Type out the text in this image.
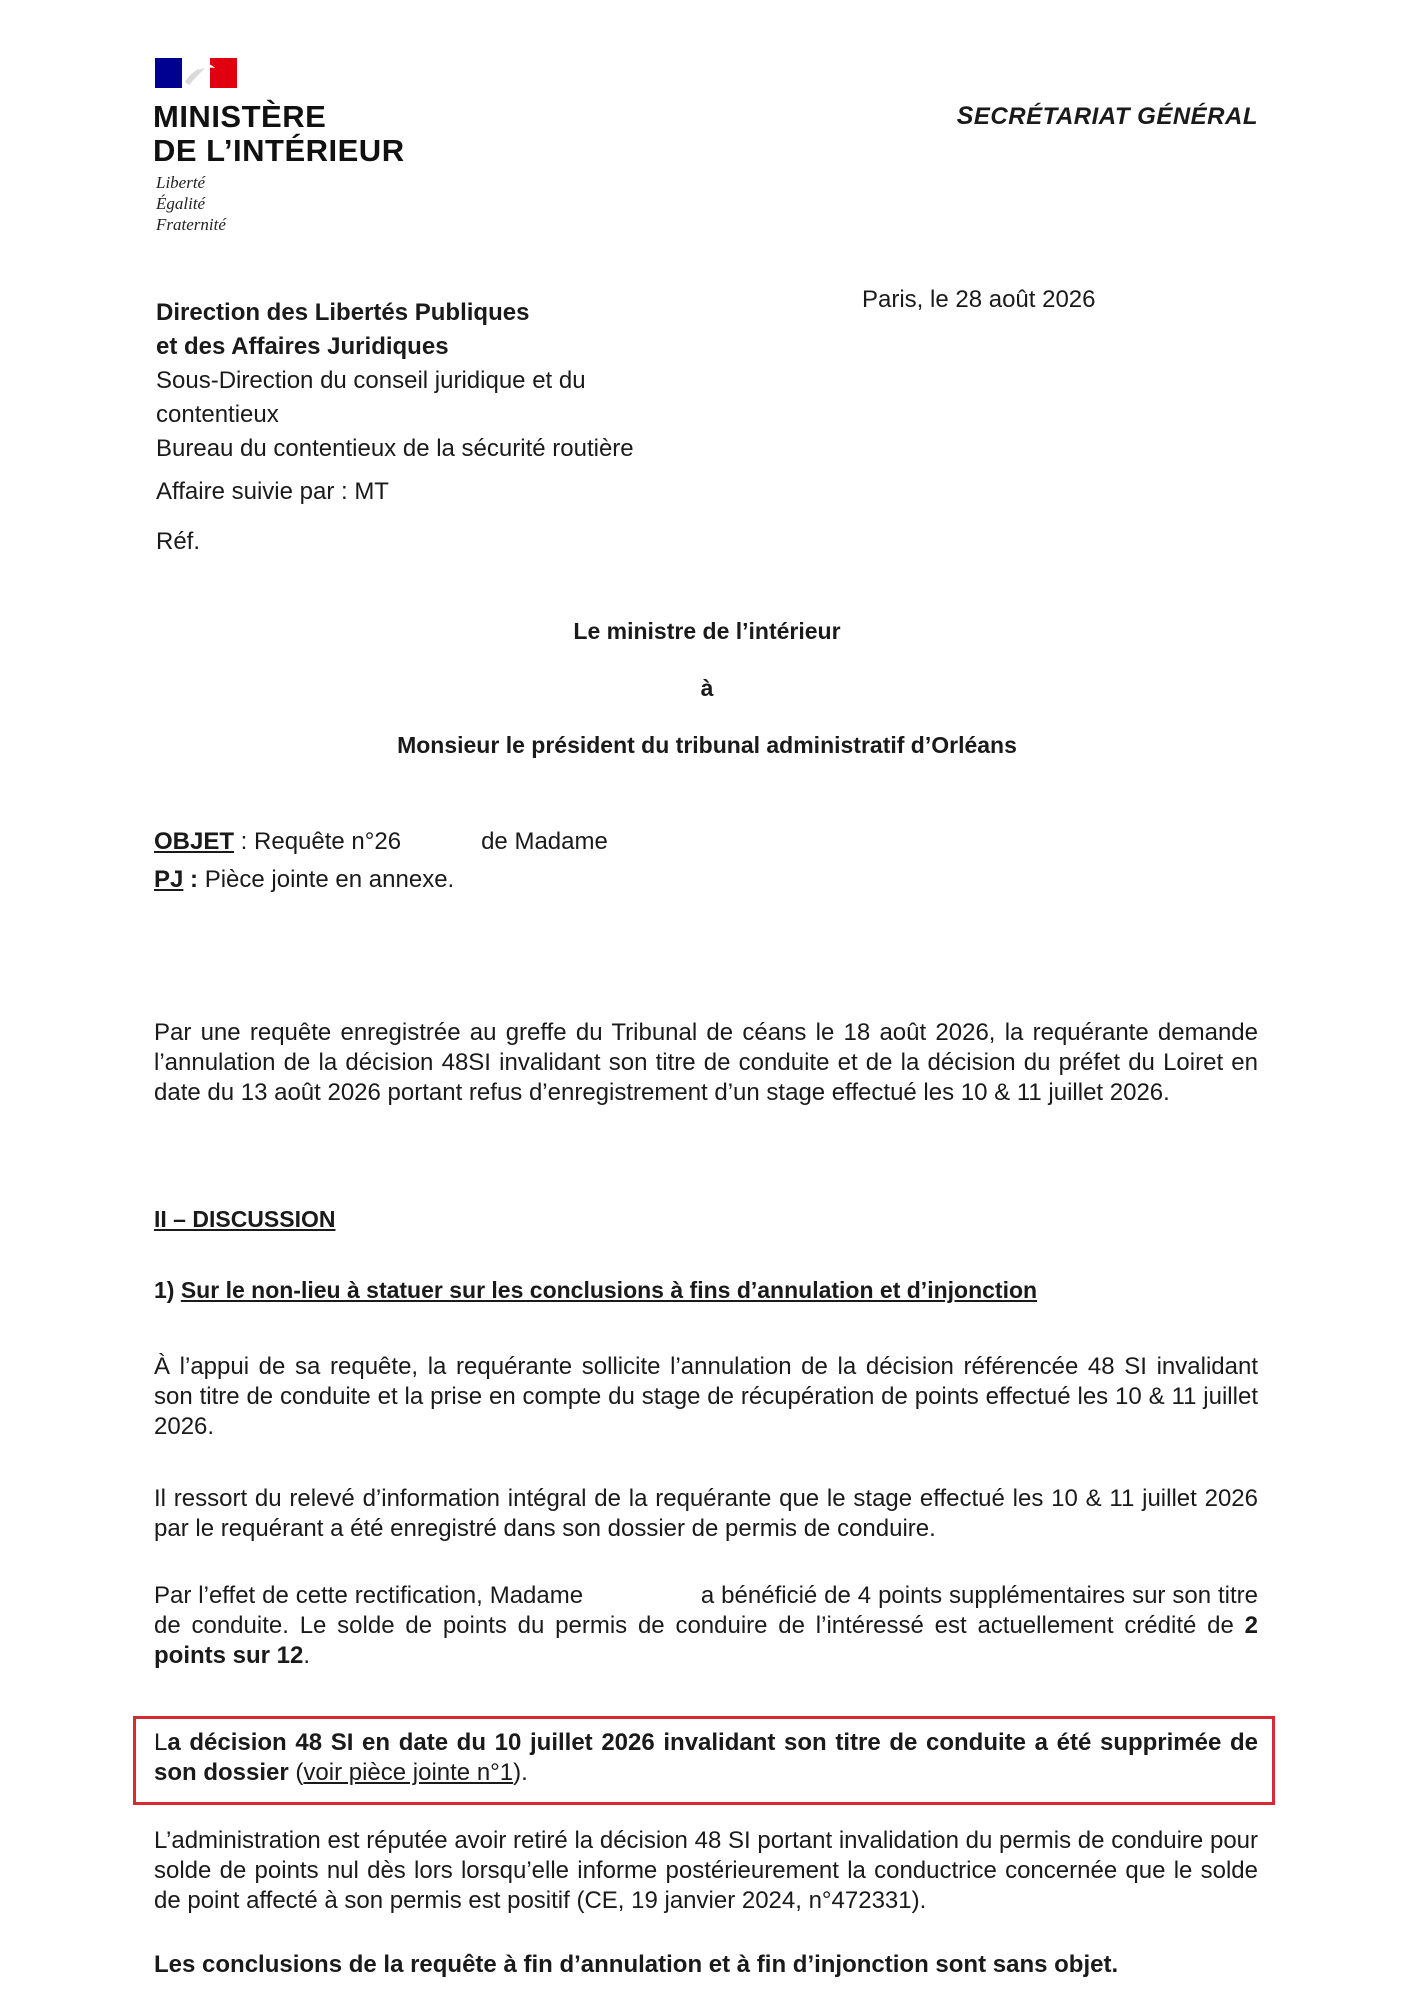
MINISTÈRE
DE L’INTÉRIEUR
Liberté
Égalité
Fraternité
SECRÉTARIAT GÉNÉRAL
Paris, le 28 août 2026
Direction des Libertés Publiques
et des Affaires Juridiques
Sous-Direction du conseil juridique et du
contentieux
Bureau du contentieux de la sécurité routière
Affaire suivie par : MT
Réf.
Le ministre de l’intérieur
à
Monsieur le président du tribunal administratif d’Orléans
OBJET : Requête n°26            de Madame
PJ : Pièce jointe en annexe.
Par une requête enregistrée au greffe du Tribunal de céans le 18 août 2026, la requérante demande l’annulation de la décision 48SI invalidant son titre de conduite et de la décision du préfet du Loiret en date du 13 août 2026 portant refus d’enregistrement d’un stage effectué les 10 & 11 juillet 2026.
II – DISCUSSION
1) Sur le non-lieu à statuer sur les conclusions à fins d’annulation et d’injonction
À l’appui de sa requête, la requérante sollicite l’annulation de la décision référencée 48 SI invalidant son titre de conduite et la prise en compte du stage de récupération de points effectué les 10 & 11 juillet 2026.
Il ressort du relevé d’information intégral de la requérante que le stage effectué les 10 & 11 juillet 2026 par le requérant a été enregistré dans son dossier de permis de conduire.
Par l’effet de cette rectification, Madame                 a bénéficié de 4 points supplémentaires sur son titre de conduite. Le solde de points du permis de conduire de l’intéressé est actuellement crédité de 2 points sur 12.
La décision 48 SI en date du 10 juillet 2026 invalidant son titre de conduite a été supprimée de son dossier (voir pièce jointe n°1).
L’administration est réputée avoir retiré la décision 48 SI portant invalidation du permis de conduire pour solde de points nul dès lors lorsqu’elle informe postérieurement la conductrice concernée que le solde de point affecté à son permis est positif (CE, 19 janvier 2024, n°472331).
Les conclusions de la requête à fin d’annulation et à fin d’injonction sont sans objet.
